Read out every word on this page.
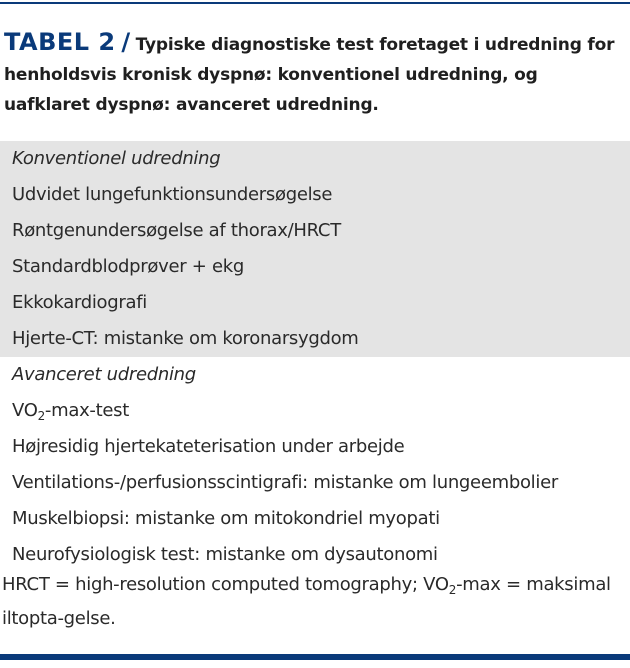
TABEL 2 / Typiske diagnostiske test foretaget i udredning for henholdsvis kronisk dyspnø: konventionel udredning, og uafklaret dyspnø: avanceret udredning.
Konventionel udredning
Udvidet lungefunktionsundersøgelse
Røntgenundersøgelse af thorax/HRCT
Standardblodprøver + ekg
Ekkokardiografi
Hjerte-CT: mistanke om koronarsygdom
Avanceret udredning
$VO_2-\max$-test
Højresidig hjertekateterisation under arbejde
Ventilations-/perfusionsscintigrafi: mistanke om lungeembolier
Muskelbiopsi: mistanke om mitokondriel myopati
Neurofysiologisk test: mistanke om dysautonomi
HRCT = high-resolution computed tomography; $VO_2-\max$ = maksimal iltopta-gelse.
